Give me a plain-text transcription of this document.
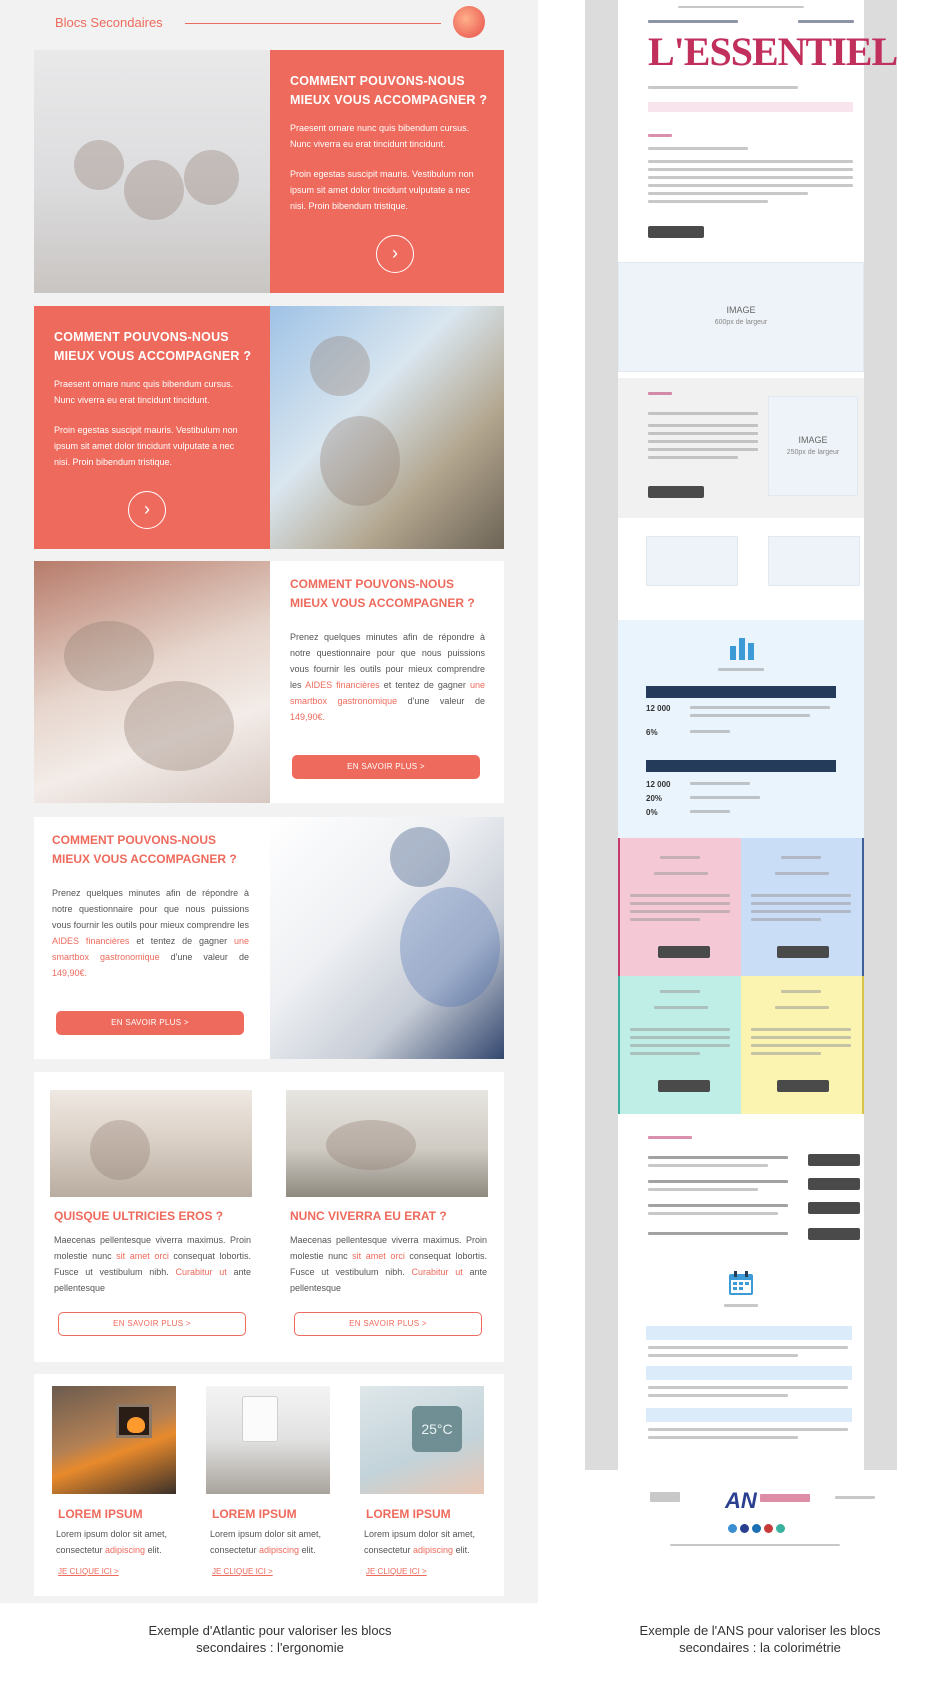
Blocs Secondaires
COMMENT POUVONS-NOUS MIEUX VOUS ACCOMPAGNER ?

Praesent ornare nunc quis bibendum cursus. Nunc viverra eu erat tincidunt tincidunt.

Proin egestas suscipit mauris. Vestibulum non ipsum sit amet dolor tincidunt vulputate a nec nisi. Proin bibendum tristique.

›
COMMENT POUVONS-NOUS MIEUX VOUS ACCOMPAGNER ?

Praesent ornare nunc quis bibendum cursus. Nunc viverra eu erat tincidunt tincidunt.

Proin egestas suscipit mauris. Vestibulum non ipsum sit amet dolor tincidunt vulputate a nec nisi. Proin bibendum tristique.

›
COMMENT POUVONS-NOUS MIEUX VOUS ACCOMPAGNER ?
Prenez quelques minutes afin de répondre à notre questionnaire pour que nous puissions vous fournir les outils pour mieux comprendre les AIDES financières et tentez de gagner une smartbox gastronomique d'une valeur de 149,90€.
EN SAVOIR PLUS >
COMMENT POUVONS-NOUS MIEUX VOUS ACCOMPAGNER ?
Prenez quelques minutes afin de répondre à notre questionnaire pour que nous puissions vous fournir les outils pour mieux comprendre les AIDES financières et tentez de gagner une smartbox gastronomique d'une valeur de 149,90€.
EN SAVOIR PLUS >
QUISQUE ULTRICIES EROS ?
Maecenas pellentesque viverra maximus. Proin molestie nunc sit amet orci consequat lobortis. Fusce ut vestibulum nibh. Curabitur ut ante pellentesque
EN SAVOIR PLUS >
NUNC VIVERRA EU ERAT ?
Maecenas pellentesque viverra maximus. Proin molestie nunc sit amet orci consequat lobortis. Fusce ut vestibulum nibh. Curabitur ut ante pellentesque
EN SAVOIR PLUS >
LOREM IPSUM
Lorem ipsum dolor sit amet, consectetur adipiscing elit.
JE CLIQUE ICI >
LOREM IPSUM
Lorem ipsum dolor sit amet, consectetur adipiscing elit.
JE CLIQUE ICI >
25°C
LOREM IPSUM
Lorem ipsum dolor sit amet, consectetur adipiscing elit.
JE CLIQUE ICI >
Exemple d'Atlantic pour valoriser les blocs
secondaires : l'ergonomie
L'ESSENTIEL
IMAGE
600px de largeur
IMAGE
250px de largeur
12 000
6%
12 000
20%
0%
AN
Exemple de l'ANS pour valoriser les blocs
secondaires : la colorimétrie
